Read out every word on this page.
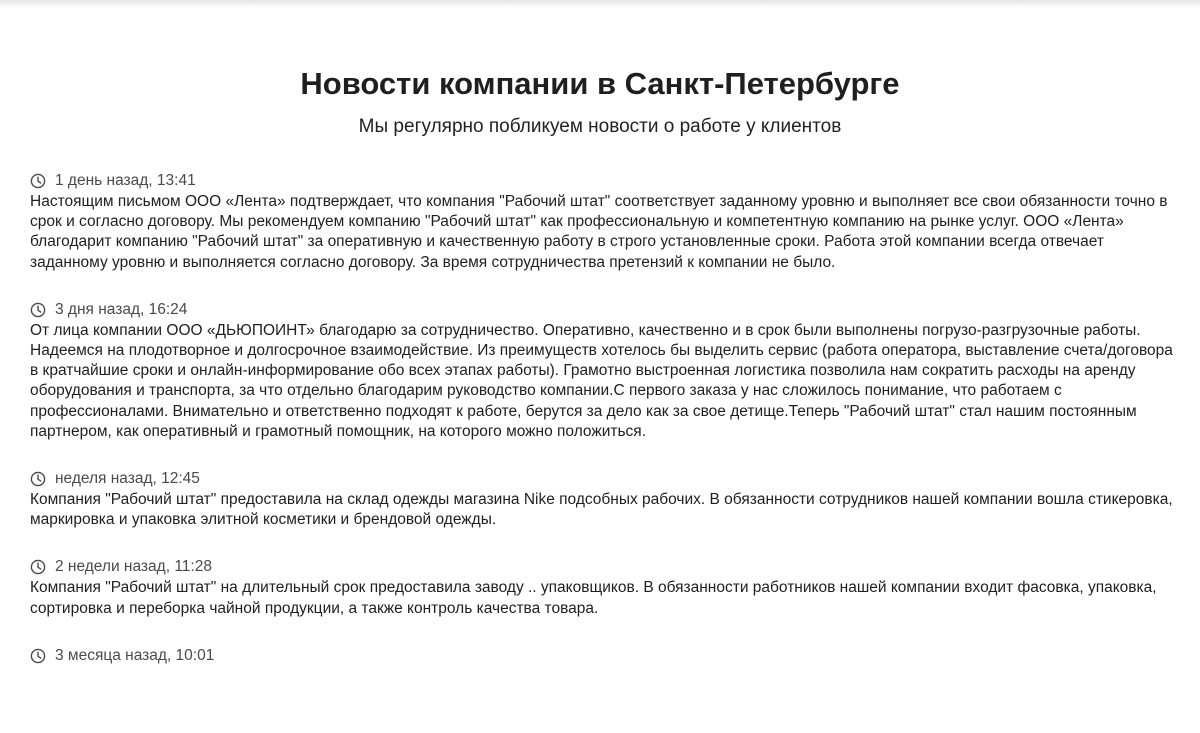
Новости компании в Санкт-Петербурге

Мы регулярно побликуем новости о работе у клиентов

1 день назад, 13:41

Настоящим письмом ООО «Лента» подтверждает, что компания "Рабочий штат" соответствует заданному уровню и выполняет все свои обязанности точно в срок и согласно договору. Мы рекомендуем компанию "Рабочий штат" как профессиональную и компетентную компанию на рынке услуг. ООО «Лента» благодарит компанию "Рабочий штат" за оперативную и качественную работу в строго установленные сроки. Работа этой компании всегда отвечает заданному уровню и выполняется согласно договору. За время сотрудничества претензий к компании не было.

3 дня назад, 16:24

От лица компании ООО «ДЬЮПОИНТ» благодарю за сотрудничество. Оперативно, качественно и в срок были выполнены погрузо-разгрузочные работы. Надеемся на плодотворное и долгосрочное взаимодействие. Из преимуществ хотелось бы выделить сервис (работа оператора, выставление счета/договора в кратчайшие сроки и онлайн-информирование обо всех этапах работы). Грамотно выстроенная логистика позволила нам сократить расходы на аренду оборудования и транспорта, за что отдельно благодарим руководство компании.С первого заказа у нас сложилось понимание, что работаем с профессионалами. Внимательно и ответственно подходят к работе, берутся за дело как за свое детище.Теперь "Рабочий штат" стал нашим постоянным партнером, как оперативный и грамотный помощник, на которого можно положиться.

неделя назад, 12:45

Компания "Рабочий штат" предоставила на склад одежды магазина Nike подсобных рабочих. В обязанности сотрудников нашей компании вошла стикеровка, маркировка и упаковка элитной косметики и брендовой одежды.

2 недели назад, 11:28

Компания "Рабочий штат" на длительный срок предоставила заводу .. упаковщиков. В обязанности работников нашей компании входит фасовка, упаковка, сортировка и переборка чайной продукции, а также контроль качества товара.

3 месяца назад, 10:01
